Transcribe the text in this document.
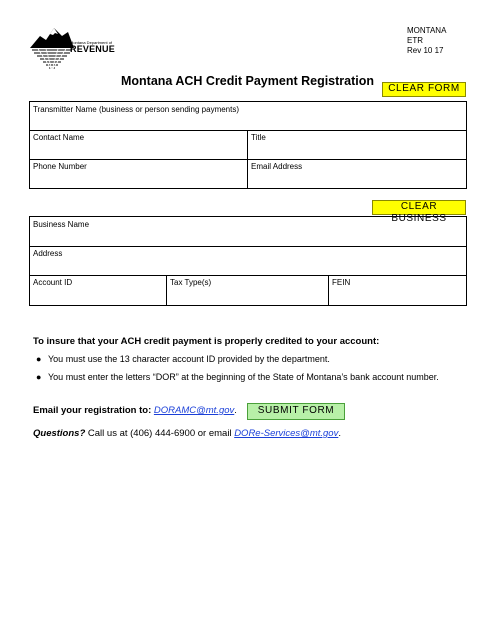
Montana Department of
REVENUE
MONTANA
ETR
Rev 10 17
Montana ACH Credit Payment Registration
CLEAR FORM
Transmitter Name (business or person sending payments)
Contact Name	Title
Phone Number	Email Address
CLEAR BUSINESS
Business Name
Address
Account ID	Tax Type(s)	FEIN
To insure that your ACH credit payment is properly credited to your account:
● You must use the 13 character account ID provided by the department.
● You must enter the letters “DOR” at the beginning of the State of Montana’s bank account number.
Email your registration to: DORAMC@mt.gov.	SUBMIT FORM
Questions? Call us at (406) 444-6900 or email DORe-Services@mt.gov.
